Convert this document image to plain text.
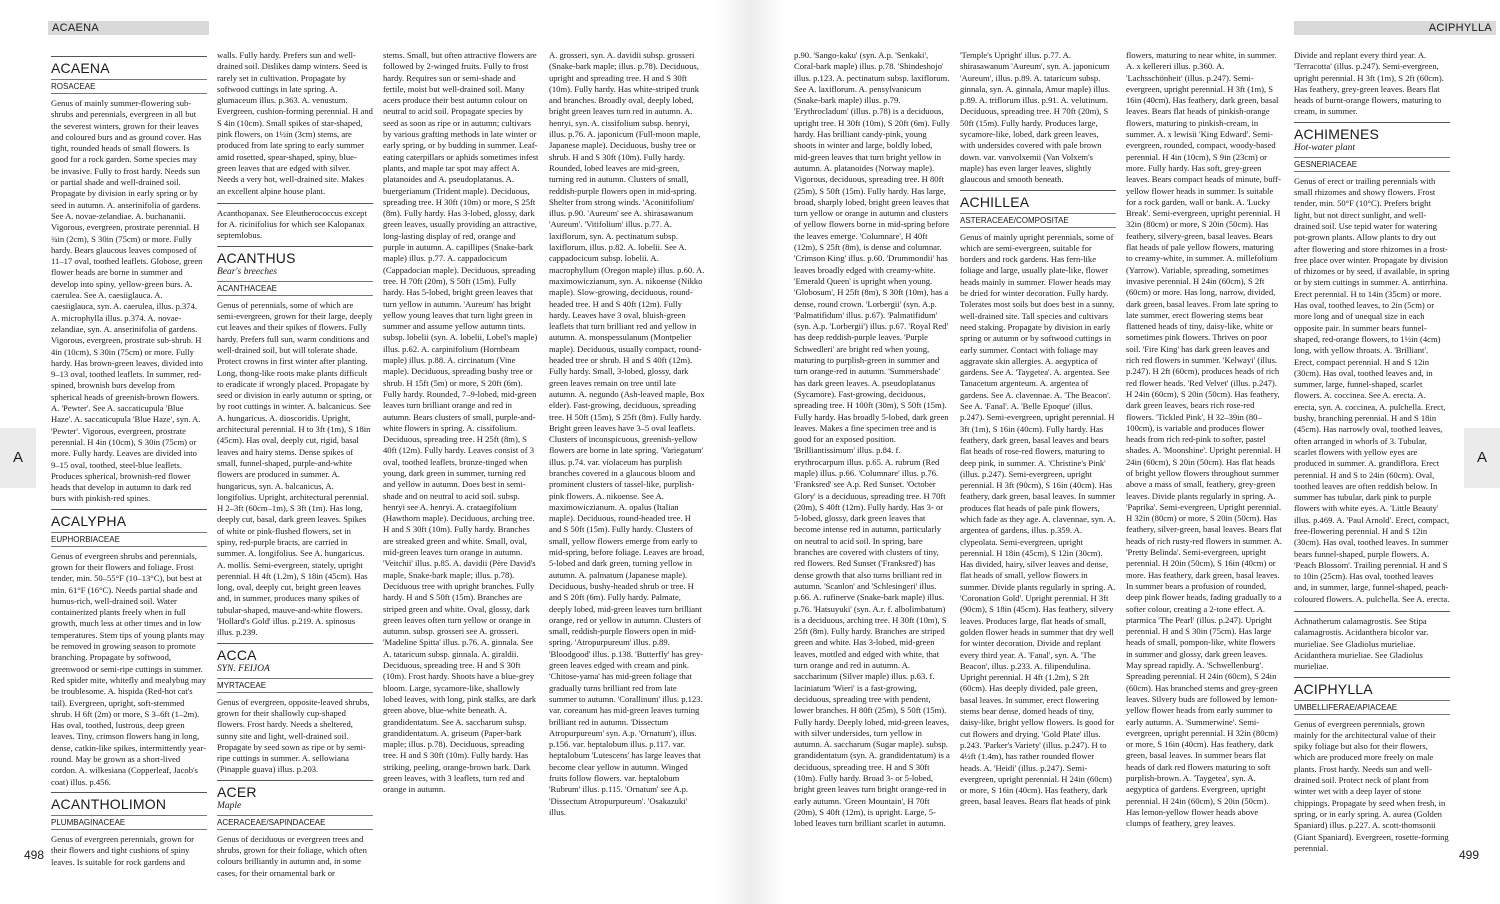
ACAENA
A
498
ACAENA
ROSACEAE

Genus of mainly summer-flowering sub-shrubs and perennials, evergreen in all but the severest winters, grown for their leaves and coloured burs and as ground cover. Has tight, rounded heads of small flowers. Is good for a rock garden. Some species may be invasive. Fully to frost hardy. Needs sun or partial shade and well-drained soil. Propagate by division in early spring or by seed in autumn. A. anserinifolia of gardens. See A. novae-zelandiae. A. buchananii. Vigorous, evergreen, prostrate perennial. H ¾in (2cm), S 30in (75cm) or more. Fully hardy. Bears glaucous leaves composed of 11–17 oval, toothed leaflets. Globose, green flower heads are borne in summer and develop into spiny, yellow-green burs. A. caerulea. See A. caesiiglauca. A. caesiiglauca, syn. A. caerulea, illus. p.374. A. microphylla illus. p.374. A. novae-zelandiae, syn. A. anserinifolia of gardens. Vigorous, evergreen, prostrate sub-shrub. H 4in (10cm), S 30in (75cm) or more. Fully hardy. Has brown-green leaves, divided into 9–13 oval, toothed leaflets. In summer, red-spined, brownish burs develop from spherical heads of greenish-brown flowers. A. 'Pewter'. See A. saccaticupula 'Blue Haze'. A. saccaticupula 'Blue Haze', syn. A. 'Pewter'. Vigorous, evergreen, prostrate perennial. H 4in (10cm), S 30in (75cm) or more. Fully hardy. Leaves are divided into 9–15 oval, toothed, steel-blue leaflets. Produces spherical, brownish-red flower heads that develop in autumn to dark red burs with pinkish-red spines.

ACALYPHA
EUPHORBIACEAE

Genus of evergreen shrubs and perennials, grown for their flowers and foliage. Frost tender, min. 50–55°F (10–13°C), but best at min. 61°F (16°C). Needs partial shade and humus-rich, well-drained soil. Water containerized plants freely when in full growth, much less at other times and in low temperatures. Stem tips of young plants may be removed in growing season to promote branching. Propagate by softwood, greenwood or semi-ripe cuttings in summer. Red spider mite, whitefly and mealybug may be troublesome. A. hispida (Red-hot cat's tail). Evergreen, upright, soft-stemmed shrub. H 6ft (2m) or more, S 3–6ft (1–2m). Has oval, toothed, lustrous, deep green leaves. Tiny, crimson flowers hang in long, dense, catkin-like spikes, intermittently year-round. May be grown as a short-lived cordon. A. wilkesiana (Copperleaf, Jacob's coat) illus. p.456.

ACANTHOLIMON
PLUMBAGINACEAE

Genus of evergreen perennials, grown for their flowers and tight cushions of spiny leaves. Is suitable for rock gardens and

walls. Fully hardy. Prefers sun and well-drained soil. Dislikes damp winters. Seed is rarely set in cultivation. Propagate by softwood cuttings in late spring. A. glumaceum illus. p.363. A. venustum. Evergreen, cushion-forming perennial. H and S 4in (10cm). Small spikes of star-shaped, pink flowers, on 1½in (3cm) stems, are produced from late spring to early summer amid rosetted, spear-shaped, spiny, blue-green leaves that are edged with silver. Needs a very hot, well-drained site. Makes an excellent alpine house plant.

Acanthopanax. See Eleutherococcus except for A. ricinifolius for which see Kalopanax septemlobus.
ACANTHUS
Bear's breeches
ACANTHACEAE

Genus of perennials, some of which are semi-evergreen, grown for their large, deeply cut leaves and their spikes of flowers. Fully hardy. Prefers full sun, warm conditions and well-drained soil, but will tolerate shade. Protect crowns in first winter after planting. Long, thong-like roots make plants difficult to eradicate if wrongly placed. Propagate by seed or division in early autumn or spring, or by root cuttings in winter. A. balcanicus. See A. hungaricus. A. dioscoridis. Upright, architectural perennial. H to 3ft (1m), S 18in (45cm). Has oval, deeply cut, rigid, basal leaves and hairy stems. Dense spikes of small, funnel-shaped, purple-and-white flowers are produced in summer. A. hungaricus, syn. A. balcanicus, A. longifolius. Upright, architectural perennial. H 2–3ft (60cm–1m), S 3ft (1m). Has long, deeply cut, basal, dark green leaves. Spikes of white or pink-flushed flowers, set in spiny, red-purple bracts, are carried in summer. A. longifolius. See A. hungaricus. A. mollis. Semi-evergreen, stately, upright perennial. H 4ft (1.2m), S 18in (45cm). Has long, oval, deeply cut, bright green leaves and, in summer, produces many spikes of tubular-shaped, mauve-and-white flowers. 'Hollard's Gold' illus. p.219. A. spinosus illus. p.239.

ACCA
SYN. FEIJOA
MYRTACEAE

Genus of evergreen, opposite-leaved shrubs, grown for their shallowly cup-shaped flowers. Frost hardy. Needs a sheltered, sunny site and light, well-drained soil. Propagate by seed sown as ripe or by semi-ripe cuttings in summer. A. sellowiana (Pinapple guava) illus. p.203.

ACER
Maple
ACERACEAE/SAPINDACEAE

Genus of deciduous or evergreen trees and shrubs, grown for their foliage, which often colours brilliantly in autumn and, in some cases, for their ornamental bark or

stems. Small, but often attractive flowers are followed by 2-winged fruits. Fully to frost hardy. Requires sun or semi-shade and fertile, moist but well-drained soil. Many acers produce their best autumn colour on neutral to acid soil. Propagate species by seed as soon as ripe or in autumn; cultivars by various grafting methods in late winter or early spring, or by budding in summer. Leaf-eating caterpillars or aphids sometimes infest plants, and maple tar spot may affect A. platanoides and A. pseudoplatanus. A. buergerianum (Trident maple). Deciduous, spreading tree. H 30ft (10m) or more, S 25ft (8m). Fully hardy. Has 3-lobed, glossy, dark green leaves, usually providing an attractive, long-lasting display of red, orange and purple in autumn. A. capillipes (Snake-bark maple) illus. p.77. A. cappadocicum (Cappadocian maple). Deciduous, spreading tree. H 70ft (20m), S 50ft (15m). Fully hardy. Has 5-lobed, bright green leaves that turn yellow in autumn. 'Aureum' has bright yellow young leaves that turn light green in summer and assume yellow autumn tints. subsp. lobelii (syn. A. lobelii, Lobel's maple) illus. p.62. A. carpinifolium (Hornbeam maple) illus. p.88. A. circinatum (Vine maple). Deciduous, spreading bushy tree or shrub. H 15ft (5m) or more, S 20ft (6m). Fully hardy. Rounded, 7–9-lobed, mid-green leaves turn brilliant orange and red in autumn. Bears clusters of small, purple-and-white flowers in spring. A. cissifolium. Deciduous, spreading tree. H 25ft (8m), S 40ft (12m). Fully hardy. Leaves consist of 3 oval, toothed leaflets, bronze-tinged when young, dark green in summer, turning red and yellow in autumn. Does best in semi-shade and on neutral to acid soil. subsp. henryi see A. henryi. A. crataegifolium (Hawthorn maple). Deciduous, arching tree. H and S 30ft (10m). Fully hardy. Branches are streaked green and white. Small, oval, mid-green leaves turn orange in autumn. 'Veitchii' illus. p.85. A. davidii (Père David's maple, Snake-bark maple; illus. p.78). Deciduous tree with upright branches. Fully hardy. H and S 50ft (15m). Branches are striped green and white. Oval, glossy, dark green leaves often turn yellow or orange in autumn. subsp. grosseri see A. grosseri. 'Madeline Spitta' illus. p.76. A. ginnala. See A. tataricum subsp. ginnala. A. giraldii. Deciduous, spreading tree. H and S 30ft (10m). Frost hardy. Shoots have a blue-grey bloom. Large, sycamore-like, shallowly lobed leaves, with long, pink stalks, are dark green above, blue-white beneath. A. grandidentatum. See A. saccharum subsp. grandidentatum. A. griseum (Paper-bark maple; illus. p.78). Deciduous, spreading tree. H and S 30ft (10m). Fully hardy. Has striking, peeling, orange-brown bark. Dark green leaves, with 3 leaflets, turn red and orange in autumn.

A. grosseri, syn. A. davidii subsp. grosseri (Snake-bark maple; illus. p.78). Deciduous, upright and spreading tree. H and S 30ft (10m). Fully hardy. Has white-striped trunk and branches. Broadly oval, deeply lobed, bright green leaves turn red in autumn. A. henryi, syn. A. cissifolium subsp. henryi, illus. p.76. A. japonicum (Full-moon maple, Japanese maple). Deciduous, bushy tree or shrub. H and S 30ft (10m). Fully hardy. Rounded, lobed leaves are mid-green, turning red in autumn. Clusters of small, reddish-purple flowers open in mid-spring. Shelter from strong winds. 'Aconitifolium' illus. p.90. 'Aureum' see A. shirasawanum 'Aureum'. 'Vitifolium' illus. p.77. A. laxiflorum, syn. A. pectinatum subsp. laxiflorum, illus. p.82. A. lobelii. See A. cappadocicum subsp. lobelii. A. macrophyllum (Oregon maple) illus. p.60. A. maximowiczianum, syn. A. nikoense (Nikko maple). Slow-growing, deciduous, round-headed tree. H and S 40ft (12m). Fully hardy. Leaves have 3 oval, bluish-green leaflets that turn brilliant red and yellow in autumn. A. monspessulanum (Montpelier maple). Deciduous, usually compact, round-headed tree or shrub. H and S 40ft (12m). Fully hardy. Small, 3-lobed, glossy, dark green leaves remain on tree until late autumn. A. negundo (Ash-leaved maple, Box elder). Fast-growing, deciduous, spreading tree. H 50ft (15m), S 25ft (8m). Fully hardy. Bright green leaves have 3–5 oval leaflets. Clusters of inconspicuous, greenish-yellow flowers are borne in late spring. 'Variegatum' illus. p.74. var. violaceum has purplish branches covered in a glaucous bloom and prominent clusters of tassel-like, purplish-pink flowers. A. nikoense. See A. maximowiczianum. A. opalus (Italian maple). Deciduous, round-headed tree. H and S 50ft (15m). Fully hardy. Clusters of small, yellow flowers emerge from early to mid-spring, before foliage. Leaves are broad, 5-lobed and dark green, turning yellow in autumn. A. palmatum (Japanese maple). Deciduous, bushy-headed shrub or tree. H and S 20ft (6m). Fully hardy. Palmate, deeply lobed, mid-green leaves turn brilliant orange, red or yellow in autumn. Clusters of small, reddish-purple flowers open in mid-spring. 'Atropurpureum' illus. p.89. 'Bloodgood' illus. p.138. 'Butterfly' has grey-green leaves edged with cream and pink. 'Chitose-yama' has mid-green foliage that gradually turns brilliant red from late summer to autumn. 'Corallinum' illus. p.123. var. coreanum has mid-green leaves turning brilliant red in autumn. 'Dissectum Atropurpureum' syn. A.p. 'Ornatum'), illus. p.156. var. heptalobum illus. p.117. var. heptalobum 'Lutescens' has large leaves that become clear yellow in autumn. Winged fruits follow flowers. var. heptalobum 'Rubrum' illus. p.115. 'Ornatum' see A.p. 'Dissectum Atropurpureum'. 'Osakazuki' illus.

p.90. 'Sango-kaku' (syn. A.p. 'Senkaki', Coral-bark maple) illus. p.78. 'Shindeshojo' illus. p.123. A. pectinatum subsp. laxiflorum. See A. laxiflorum. A. pensylvanicum (Snake-bark maple) illus. p.79. 'Erythrocladum' (illus. p.78) is a deciduous, upright tree. H 30ft (10m), S 20ft (6m). Fully hardy. Has brilliant candy-pink, young shoots in winter and large, boldly lobed, mid-green leaves that turn bright yellow in autumn. A. platanoides (Norway maple). Vigorous, deciduous, spreading tree. H 80ft (25m), S 50ft (15m). Fully hardy. Has large, broad, sharply lobed, bright green leaves that turn yellow or orange in autumn and clusters of yellow flowers borne in mid-spring before the leaves emerge. 'Columnare', H 40ft (12m), S 25ft (8m), is dense and columnar. 'Crimson King' illus. p.60. 'Drummondii' has leaves broadly edged with creamy-white. 'Emerald Queen' is upright when young. 'Globosum', H 25ft (8m), S 30ft (10m), has a dense, round crown. 'Lorbergii' (syn. A.p. 'Palmatifidum' illus. p.67). 'Palmatifidum' (syn. A.p. 'Lorbergii') illus. p.67. 'Royal Red' has deep reddish-purple leaves. 'Purple Schwedleri' are bright red when young, maturing to purplish-green in summer and turn orange-red in autumn. 'Summershade' has dark green leaves. A. pseudoplatanus (Sycamore). Fast-growing, deciduous, spreading tree. H 100ft (30m), S 50ft (15m). Fully hardy. Has broadly 5-lobed, dark green leaves. Makes a fine specimen tree and is good for an exposed position. 'Brilliantissimum' illus. p.84. f. erythrocarpum illus. p.65. A. rubrum (Red maple) illus. p.66. 'Columnare' illus. p.76. 'Franksred' see A.p. Red Sunset. 'October Glory' is a deciduous, spreading tree. H 70ft (20m), S 40ft (12m). Fully hardy. Has 3- or 5-lobed, glossy, dark green leaves that become intense red in autumn, particularly on neutral to acid soil. In spring, bare branches are covered with clusters of tiny, red flowers. Red Sunset ('Franksred') has dense growth that also turns brilliant red in autumn. 'Scanlon' and 'Schlesingeri' illus. p.66. A. rufinerve (Snake-bark maple) illus. p.76. 'Hatsuyuki' (syn. A.r. f. albolimbatum) is a deciduous, arching tree. H 30ft (10m), S 25ft (8m). Fully hardy. Branches are striped green and white. Has 3-lobed, mid-green leaves, mottled and edged with white, that turn orange and red in autumn. A. saccharinum (Silver maple) illus. p.63. f. laciniatum 'Wieri' is a fast-growing, deciduous, spreading tree with pendent, lower branches. H 80ft (25m), S 50ft (15m). Fully hardy. Deeply lobed, mid-green leaves, with silver undersides, turn yellow in autumn. A. saccharum (Sugar maple). subsp. grandidentatum (syn. A. grandidentatum) is a deciduous, spreading tree. H and S 30ft (10m). Fully hardy. Broad 3- or 5-lobed, bright green leaves turn bright orange-red in early autumn. 'Green Mountain', H 70ft (20m), S 40ft (12m), is upright. Large, 5-lobed leaves turn brilliant scarlet in autumn.

'Temple's Upright' illus. p.77. A. shirasawanum 'Aureum', syn. A. japonicum 'Aureum', illus. p.89. A. tataricum subsp. ginnala, syn. A. ginnala, Amur maple) illus. p.89. A. triflorum illus. p.91. A. velutinum. Deciduous, spreading tree. H 70ft (20m), S 50ft (15m). Fully hardy. Produces large, sycamore-like, lobed, dark green leaves, with undersides covered with pale brown down. var. vanvolxemii (Van Volxem's maple) has even larger leaves, slightly glaucous and smooth beneath.

ACHILLEA
ASTERACEAE/COMPOSITAE

Genus of mainly upright perennials, some of which are semi-evergreen, suitable for borders and rock gardens. Has fern-like foliage and large, usually plate-like, flower heads mainly in summer. Flower heads may be dried for winter decoration. Fully hardy. Tolerates most soils but does best in a sunny, well-drained site. Tall species and cultivars need staking. Propagate by division in early spring or autumn or by softwood cuttings in early summer. Contact with foliage may aggravate skin allergies. A. aegyptica of gardens. See A. 'Taygetea'. A. argentea. See Tanacetum argenteum. A. argentea of gardens. See A. clavennae. A. 'The Beacon'. See A. 'Fanal'. A. 'Belle Epoque' (illus. p.247). Semi-evergreen, upright perennial. H 3ft (1m), S 16in (40cm). Fully hardy. Has feathery, dark green, basal leaves and bears flat heads of rose-red flowers, maturing to deep pink, in summer. A. 'Christine's Pink' (illus. p.247). Semi-evergreen, upright perennial. H 3ft (90cm), S 16in (40cm). Has feathery, dark green, basal leaves. In summer produces flat heads of pale pink flowers, which fade as they age. A. clavennae, syn. A. argentea of gardens, illus. p.359. A. clypeolata. Semi-evergreen, upright perennial. H 18in (45cm), S 12in (30cm). Has divided, hairy, silver leaves and dense, flat heads of small, yellow flowers in summer. Divide plants regularly in spring. A. 'Coronation Gold'. Upright perennial. H 3ft (90cm), S 18in (45cm). Has feathery, silvery leaves. Produces large, flat heads of small, golden flower heads in summer that dry well for winter decoration. Divide and replant every third year. A. 'Fanal', syn. A. 'The Beacon', illus. p.233. A. filipendulina. Upright perennial. H 4ft (1.2m), S 2ft (60cm). Has deeply divided, pale green, basal leaves. In summer, erect flowering stems bear dense, domed heads of tiny, daisy-like, bright yellow flowers. Is good for cut flowers and drying. 'Gold Plate' illus. p.243. 'Parker's Variety' (illus. p.247). H to 4½ft (1.4m), has rather rounded flower heads. A. 'Heidi' (illus. p.247). Semi-evergreen, upright perennial. H 24in (60cm) or more, S 16in (40cm). Has feathery, dark green, basal leaves. Bears flat heads of pink

flowers, maturing to near white, in summer. A. x kellereri illus. p.360. A. 'Lachsschönheit' (illus. p.247). Semi-evergreen, upright perennial. H 3ft (1m), S 16in (40cm). Has feathery, dark green, basal leaves. Bears flat heads of pinkish-orange flowers, maturing to pinkish-cream, in summer. A. x lewisii 'King Edward'. Semi-evergreen, rounded, compact, woody-based perennial. H 4in (10cm), S 9in (23cm) or more. Fully hardy. Has soft, grey-green leaves. Bears compact heads of minute, buff-yellow flower heads in summer. Is suitable for a rock garden, wall or bank. A. 'Lucky Break'. Semi-evergreen, upright perennial. H 32in (80cm) or more, S 20in (50cm). Has feathery, silvery-green, basal leaves. Bears flat heads of pale yellow flowers, maturing to creamy-white, in summer. A. millefolium (Yarrow). Variable, spreading, sometimes invasive perennial. H 24in (60cm), S 2ft (60cm) or more. Has long, narrow, divided, dark green, basal leaves. From late spring to late summer, erect flowering stems bear flattened heads of tiny, daisy-like, white or sometimes pink flowers. Thrives on poor soil. 'Fire King' has dark green leaves and rich red flowers in summer. 'Kelwayi' (illus. p.247). H 2ft (60cm), produces heads of rich red flower heads. 'Red Velvet' (illus. p.247). H 24in (60cm), S 20in (50cm). Has feathery, dark green leaves, bears rich rose-red flowers. 'Tickled Pink', H 32–39in (80–100cm), is variable and produces flower heads from rich red-pink to softer, pastel shades. A. 'Moonshine'. Upright perennial. H 24in (60cm), S 20in (50cm). Has flat heads of bright yellow flowers throughout summer above a mass of small, feathery, grey-green leaves. Divide plants regularly in spring. A. 'Paprika'. Semi-evergreen, Upright perennial. H 32in (80cm) or more, S 20in (50cm). Has feathery, silver-green, basal leaves. Bears flat heads of rich rusty-red flowers in summer. A. 'Pretty Belinda'. Semi-evergreen, upright perennial. H 20in (50cm), S 16in (40cm) or more. Has feathery, dark green, basal leaves. In summer bears a profusion of rounded, deep pink flower heads, fading gradually to a softer colour, creating a 2-tone effect. A. ptarmica 'The Pearl' (illus. p.247). Upright perennial. H and S 30in (75cm). Has large heads of small, pompon-like, white flowers in summer and glossy, dark green leaves. May spread rapidly. A. 'Schwellenburg'. Spreading perennial. H 24in (60cm), S 24in (60cm). Has branched stems and grey-green leaves. Silvery buds are followed by lemon-yellow flower heads from early summer to early autumn. A. 'Summerwine'. Semi-evergreen, upright perennial. H 32in (80cm) or more, S 16in (40cm). Has feathery, dark green, basal leaves. In summer bears flat heads of dark red flowers maturing to soft purplish-brown. A. 'Taygetea', syn. A. aegyptica of gardens. Evergreen, upright perennial. H 24in (60cm), S 20in (50cm). Has lemon-yellow flower heads above clumps of feathery, grey leaves.

Divide and replant every third year. A. 'Terracotta' (illus. p.247). Semi-evergreen, upright perennial. H 3ft (1m), S 2ft (60cm). Has feathery, grey-green leaves. Bears flat heads of burnt-orange flowers, maturing to cream, in summer.

ACHIMENES
Hot-water plant
GESNERIACEAE

Genus of erect or trailing perennials with small rhizomes and showy flowers. Frost tender, min. 50°F (10°C). Prefers bright light, but not direct sunlight, and well-drained soil. Use tepid water for watering pot-grown plants. Allow plants to dry out after flowering and store rhizomes in a frost-free place over winter. Propagate by division of rhizomes or by seed, if available, in spring or by stem cuttings in summer. A. antirrhina. Erect perennial. H to 14in (35cm) or more. Has oval, toothed leaves, to 2in (5cm) or more long and of unequal size in each opposite pair. In summer bears funnel-shaped, red-orange flowers, to 1½in (4cm) long, with yellow throats. A. 'Brilliant'. Erect, compact perennial. H and S 12in (30cm). Has oval, toothed leaves and, in summer, large, funnel-shaped, scarlet flowers. A. coccinea. See A. erecta. A. erecta, syn. A. coccinea, A. pulchella. Erect, bushy, branching perennial. H and S 18in (45cm). Has narrowly oval, toothed leaves, often arranged in whorls of 3. Tubular, scarlet flowers with yellow eyes are produced in summer. A. grandiflora. Erect perennial. H and S to 24in (60cm). Oval, toothed leaves are often reddish below. In summer has tubular, dark pink to purple flowers with white eyes. A. 'Little Beauty' illus. p.469. A. 'Paul Arnold'. Erect, compact, free-flowering perennial. H and S 12in (30cm). Has oval, toothed leaves. In summer bears funnel-shaped, purple flowers. A. 'Peach Blossom'. Trailing perennial. H and S to 10in (25cm). Has oval, toothed leaves and, in summer, large, funnel-shaped, peach-coloured flowers. A. pulchella. See A. erecta.

Achnatherum calamagrostis. See Stipa calamagrostis. Acidanthera bicolor var. murieliae. See Gladiolus murieliae. Acidanthera murieliae. See Gladiolus murieliae.
ACIPHYLLA
UMBELLIFERAE/APIACEAE

Genus of evergreen perennials, grown mainly for the architectural value of their spiky foliage but also for their flowers, which are produced more freely on male plants. Frost hardy. Needs sun and well-drained soil. Protect neck of plant from winter wet with a deep layer of stone chippings. Propagate by seed when fresh, in spring, or in early spring. A. aurea (Golden Spaniard) illus. p.227. A. scott-thomsonii (Giant Spaniard). Evergreen, rosette-forming perennial.

ACIPHYLLA
A
499
